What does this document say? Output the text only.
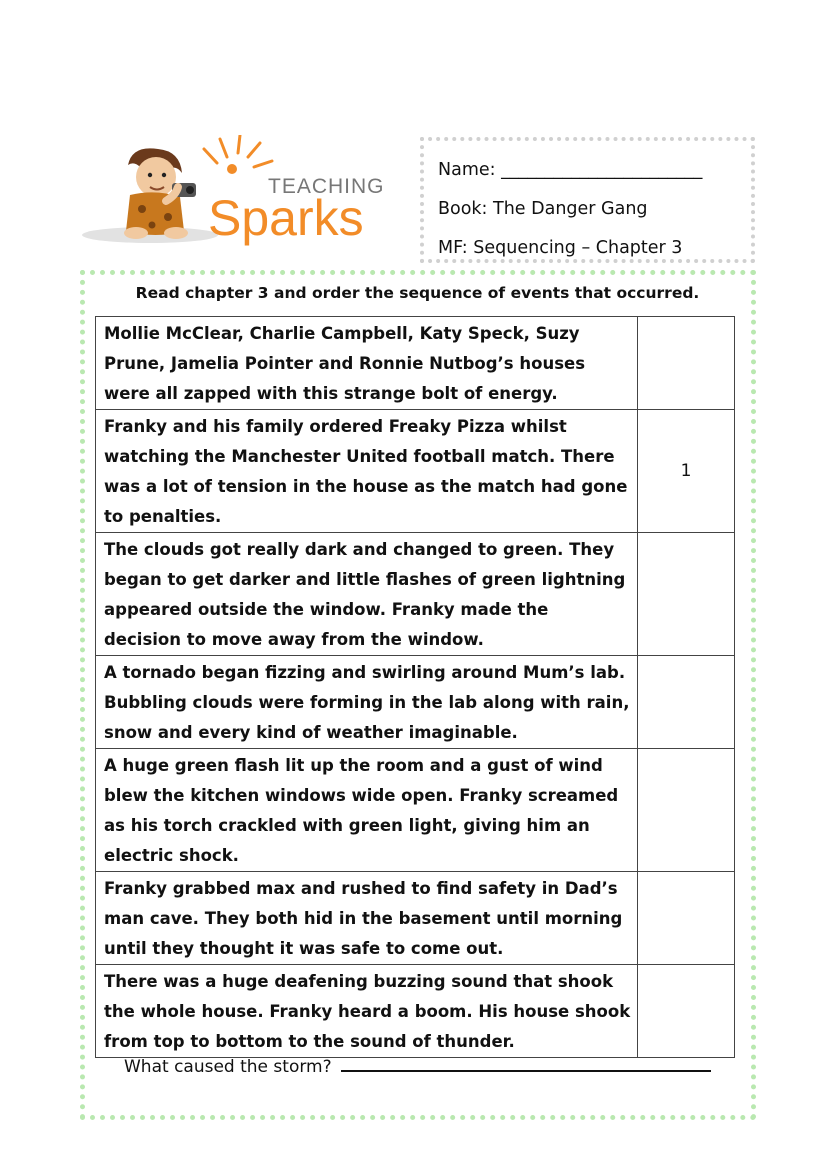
TEACHING
Sparks
Name: _______________________
Book: The Danger Gang
MF: Sequencing – Chapter 3
Read chapter 3 and order the sequence of events that occurred.
Mollie McClear, Charlie Campbell, Katy Speck, Suzy Prune, Jamelia Pointer and Ronnie Nutbog’s houses were all zapped with this strange bolt of energy.	
Franky and his family ordered Freaky Pizza whilst watching the Manchester United football match. There was a lot of tension in the house as the match had gone to penalties.	1
The clouds got really dark and changed to green. They began to get darker and little flashes of green lightning appeared outside the window. Franky made the decision to move away from the window.	
A tornado began fizzing and swirling around Mum’s lab. Bubbling clouds were forming in the lab along with rain, snow and every kind of weather imaginable.	
A huge green flash lit up the room and a gust of wind blew the kitchen windows wide open. Franky screamed as his torch crackled with green light, giving him an electric shock.	
Franky grabbed max and rushed to find safety in Dad’s man cave. They both hid in the basement until morning until they thought it was safe to come out.	
There was a huge deafening buzzing sound that shook the whole house. Franky heard a boom. His house shook from top to bottom to the sound of thunder.	
What caused the storm?
